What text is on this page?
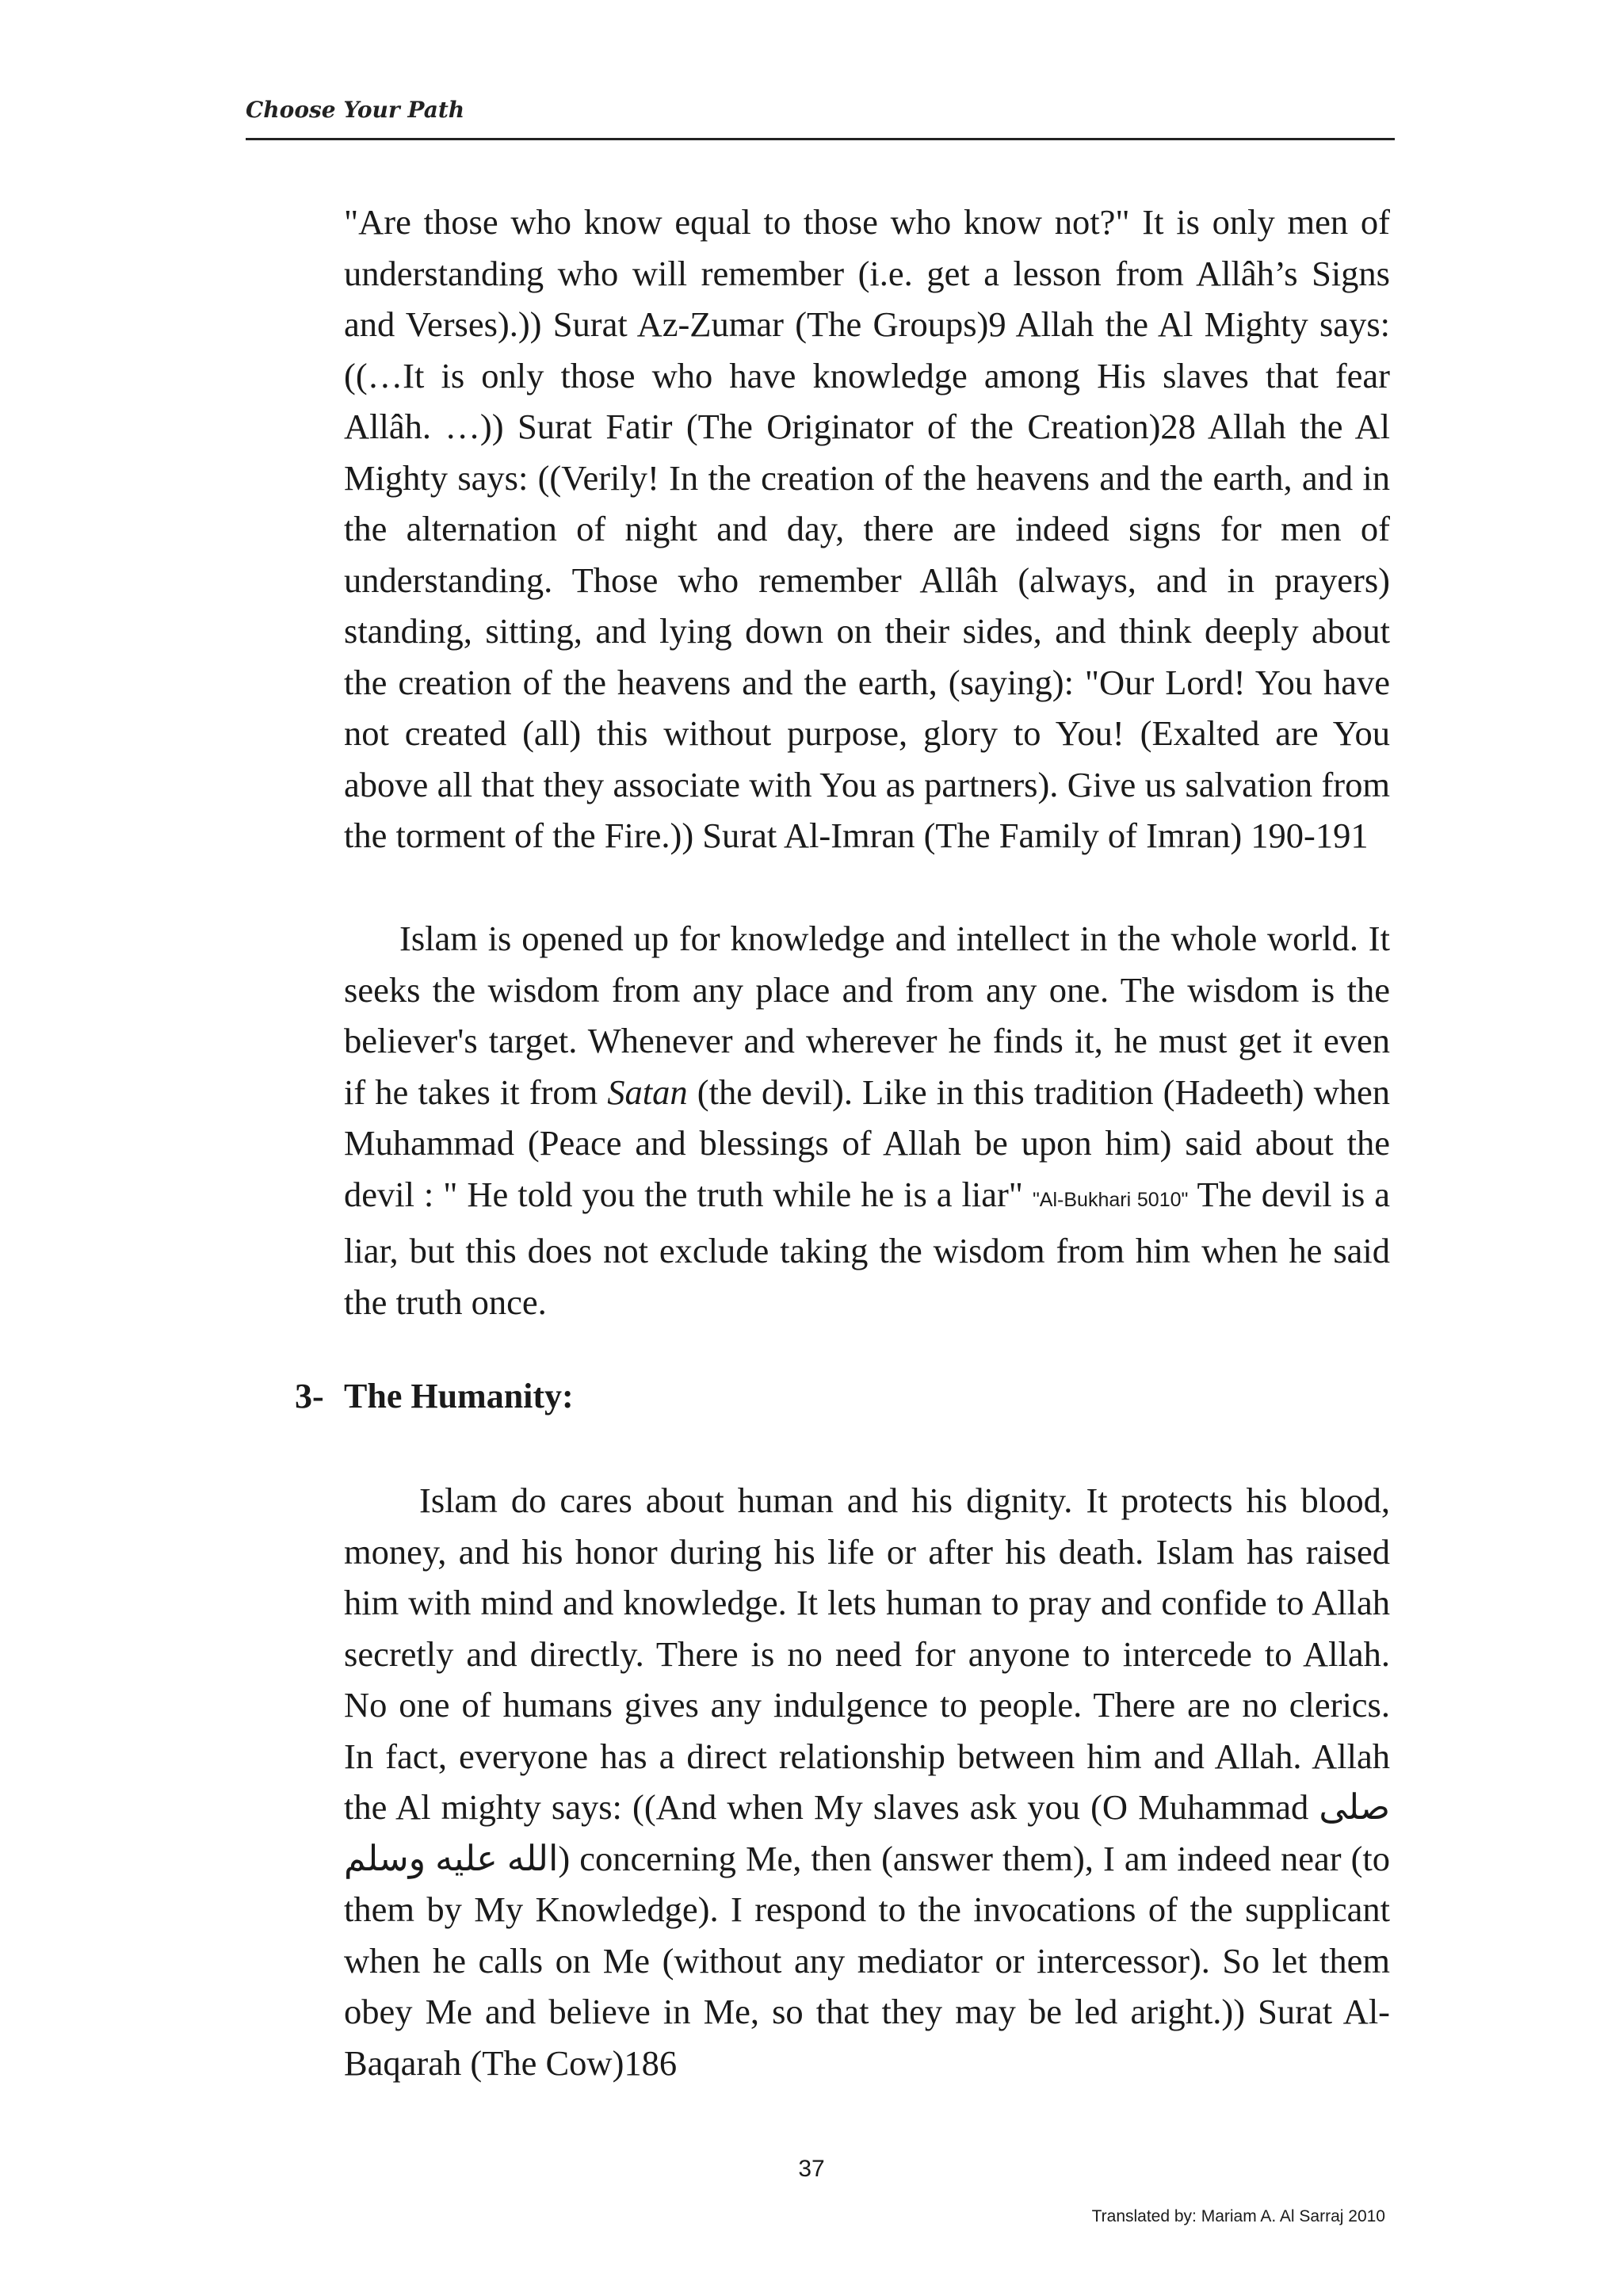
Choose Your Path

"Are those who know equal to those who know not?" It is only men of understanding who will remember (i.e. get a lesson from Allâh’s Signs and Verses).)) Surat Az-Zumar (The Groups)9 Allah the Al Mighty says: ((…It is only those who have knowledge among His slaves that fear Allâh. …)) Surat Fatir (The Originator of the Creation)28 Allah the Al Mighty says: ((Verily! In the creation of the heavens and the earth, and in the alternation of night and day, there are indeed signs for men of understanding. Those who remember Allâh (always, and in prayers) standing, sitting, and lying down on their sides, and think deeply about the creation of the heavens and the earth, (saying): "Our Lord! You have not created (all) this without purpose, glory to You! (Exalted are You above all that they associate with You as partners). Give us salvation from the torment of the Fire.)) Surat Al-Imran (The Family of Imran) 190-191

Islam is opened up for knowledge and intellect in the whole world. It seeks the wisdom from any place and from any one. The wisdom is the believer's target. Whenever and wherever he finds it, he must get it even if he takes it from Satan (the devil). Like in this tradition (Hadeeth) when Muhammad (Peace and blessings of Allah be upon him) said about the devil : " He told you the truth while he is a liar" "Al-Bukhari 5010" The devil is a liar, but this does not exclude taking the wisdom from him when he said the truth once.

3- The Humanity:

Islam do cares about human and his dignity. It protects his blood, money, and his honor during his life or after his death. Islam has raised him with mind and knowledge. It lets human to pray and confide to Allah secretly and directly. There is no need for anyone to intercede to Allah. No one of humans gives any indulgence to people. There are no clerics. In fact, everyone has a direct relationship between him and Allah. Allah the Al mighty says: ((And when My slaves ask you (O Muhammad صلى الله عليه وسلم) concerning Me, then (answer them), I am indeed near (to them by My Knowledge). I respond to the invocations of the supplicant when he calls on Me (without any mediator or intercessor). So let them obey Me and believe in Me, so that they may be led aright.)) Surat Al-Baqarah (The Cow)186

37
Translated by: Mariam A. Al Sarraj 2010
